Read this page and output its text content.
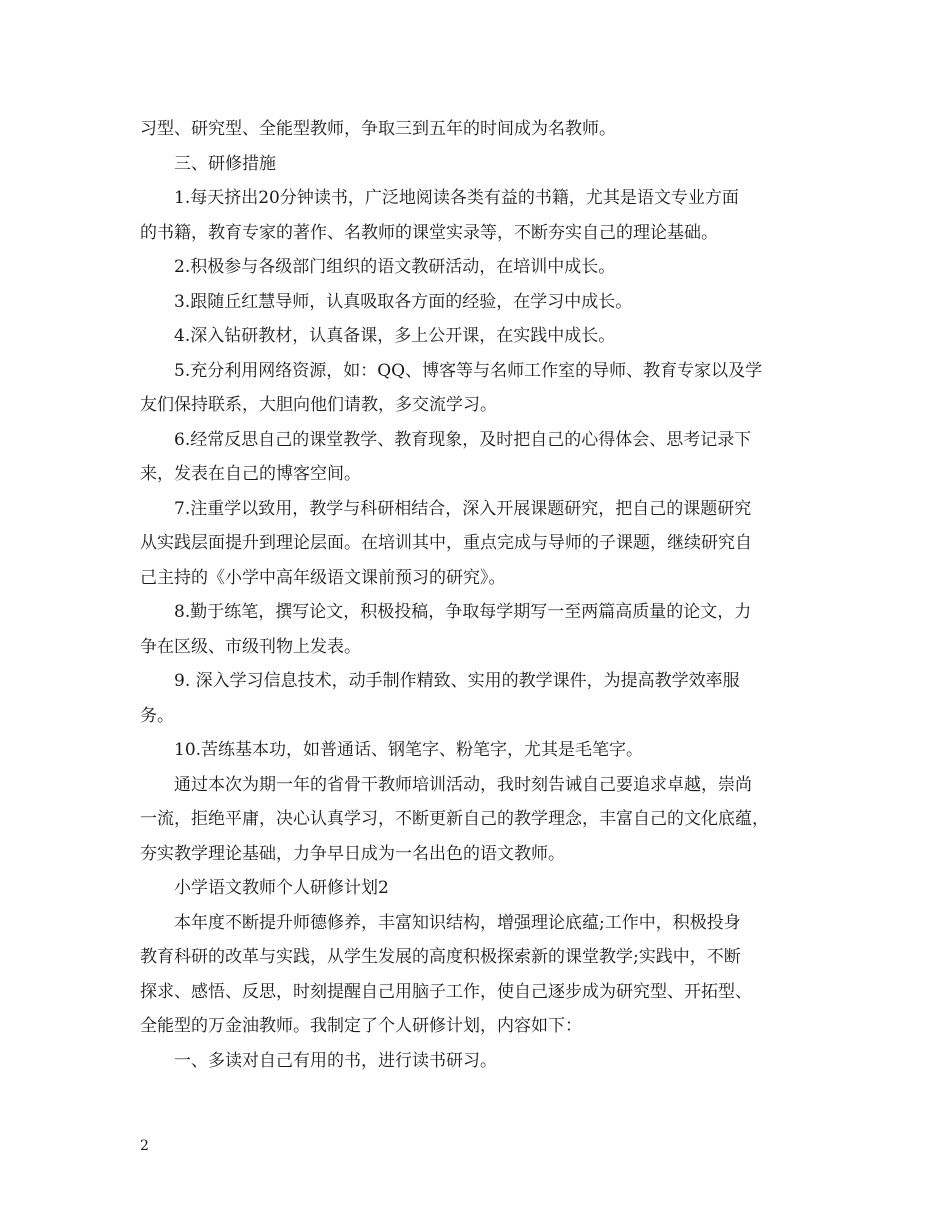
习型、研究型、全能型教师，争取三到五年的时间成为名教师。
三、研修措施
1.每天挤出20分钟读书，广泛地阅读各类有益的书籍，尤其是语文专业方面
的书籍，教育专家的著作、名教师的课堂实录等，不断夯实自己的理论基础。
2.积极参与各级部门组织的语文教研活动，在培训中成长。
3.跟随丘红慧导师，认真吸取各方面的经验，在学习中成长。
4.深入钻研教材，认真备课，多上公开课，在实践中成长。
5.充分利用网络资源，如：QQ、博客等与名师工作室的导师、教育专家以及学
友们保持联系，大胆向他们请教，多交流学习。
6.经常反思自己的课堂教学、教育现象，及时把自己的心得体会、思考记录下
来，发表在自己的博客空间。
7.注重学以致用，教学与科研相结合，深入开展课题研究，把自己的课题研究
从实践层面提升到理论层面。在培训其中，重点完成与导师的子课题，继续研究自
己主持的《小学中高年级语文课前预习的研究》。
8.勤于练笔，撰写论文，积极投稿，争取每学期写一至两篇高质量的论文，力
争在区级、市级刊物上发表。
9. 深入学习信息技术，动手制作精致、实用的教学课件，为提高教学效率服
务。
10.苦练基本功，如普通话、钢笔字、粉笔字，尤其是毛笔字。
通过本次为期一年的省骨干教师培训活动，我时刻告诫自己要追求卓越，崇尚
一流，拒绝平庸，决心认真学习，不断更新自己的教学理念，丰富自己的文化底蕴，
夯实教学理论基础，力争早日成为一名出色的语文教师。
小学语文教师个人研修计划2
本年度不断提升师德修养，丰富知识结构，增强理论底蕴;工作中，积极投身
教育科研的改革与实践，从学生发展的高度积极探索新的课堂教学;实践中，不断
探求、感悟、反思，时刻提醒自己用脑子工作，使自己逐步成为研究型、开拓型、
全能型的万金油教师。我制定了个人研修计划，内容如下：
一、多读对自己有用的书，进行读书研习。
2
